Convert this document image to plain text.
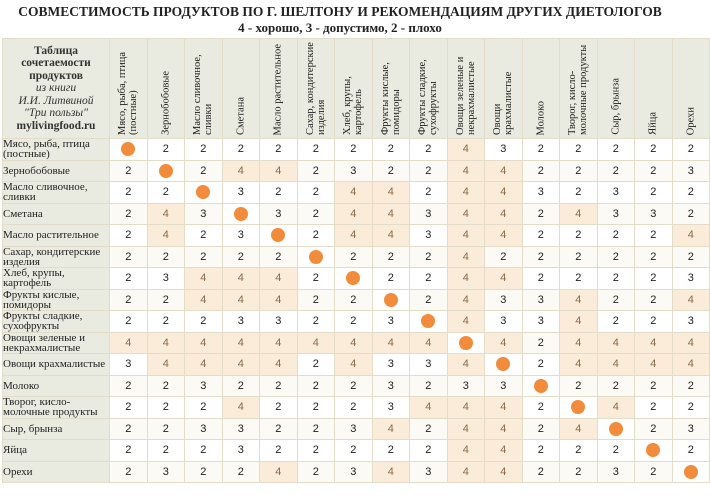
СОВМЕСТИМОСТЬ ПРОДУКТОВ ПО Г. ШЕЛТОНУ И РЕКОМЕНДАЦИЯМ ДРУГИХ ДИЕТОЛОГОВ
4 - хорошо, 3 - допустимо, 2 - плохо
Таблица сочетаемости продуктов
из книги
И.И. Литвиной
"Три пользы"
mylivingfood.ru	Мясо, рыба, птица (постные)	Зернобобовые	Масло сливочное, сливки	Сметана	Масло растительное	Сахар, кондитерские изделия	Хлеб, крупы, картофель	Фрукты кислые, помидоры	Фрукты сладкие, сухофрукты	Овощи зеленые и некрахмалистые	Овощи крахмалистые	Молоко	Творог, кисло-молочные продукты	Сыр, брынза	Яйца	Орехи

Мясо, рыба, птица (постные)		2	2	2	2	2	2	2	2	4	3	2	2	2	2	2
Зернобобовые	2		2	4	4	2	3	2	2	4	4	2	2	2	2	3
Масло сливочное, сливки	2	2		3	2	2	4	4	2	4	4	3	2	3	2	2
Сметана	2	4	3		3	2	4	4	3	4	4	2	4	3	3	2
Масло растительное	2	4	2	3		2	4	4	3	4	4	2	2	2	2	4
Сахар, кондитерские изделия	2	2	2	2	2		2	2	2	4	2	2	2	2	2	2
Хлеб, крупы, картофель	2	3	4	4	4	2		2	2	4	4	2	2	2	2	3
Фрукты кислые, помидоры	2	2	4	4	4	2	2		2	4	3	3	4	2	2	4
Фрукты сладкие, сухофрукты	2	2	2	3	3	2	2	3		4	3	3	4	2	2	3
Овощи зеленые и некрахмалистые	4	4	4	4	4	4	4	4	4		4	2	4	4	4	4
Овощи крахмалистые	3	4	4	4	4	2	4	3	3	4		2	4	4	4	4
Молоко	2	2	3	2	2	2	2	3	2	3	3		2	2	2	2
Творог, кисло-молочные продукты	2	2	2	4	2	2	2	3	4	4	4	2		4	2	2
Сыр, брынза	2	2	3	3	2	2	3	4	2	4	4	2	4		2	3
Яйца	2	2	2	3	2	2	2	2	2	4	4	2	2	2		2
Орехи	2	3	2	2	4	2	3	4	3	4	4	2	2	3	2	
